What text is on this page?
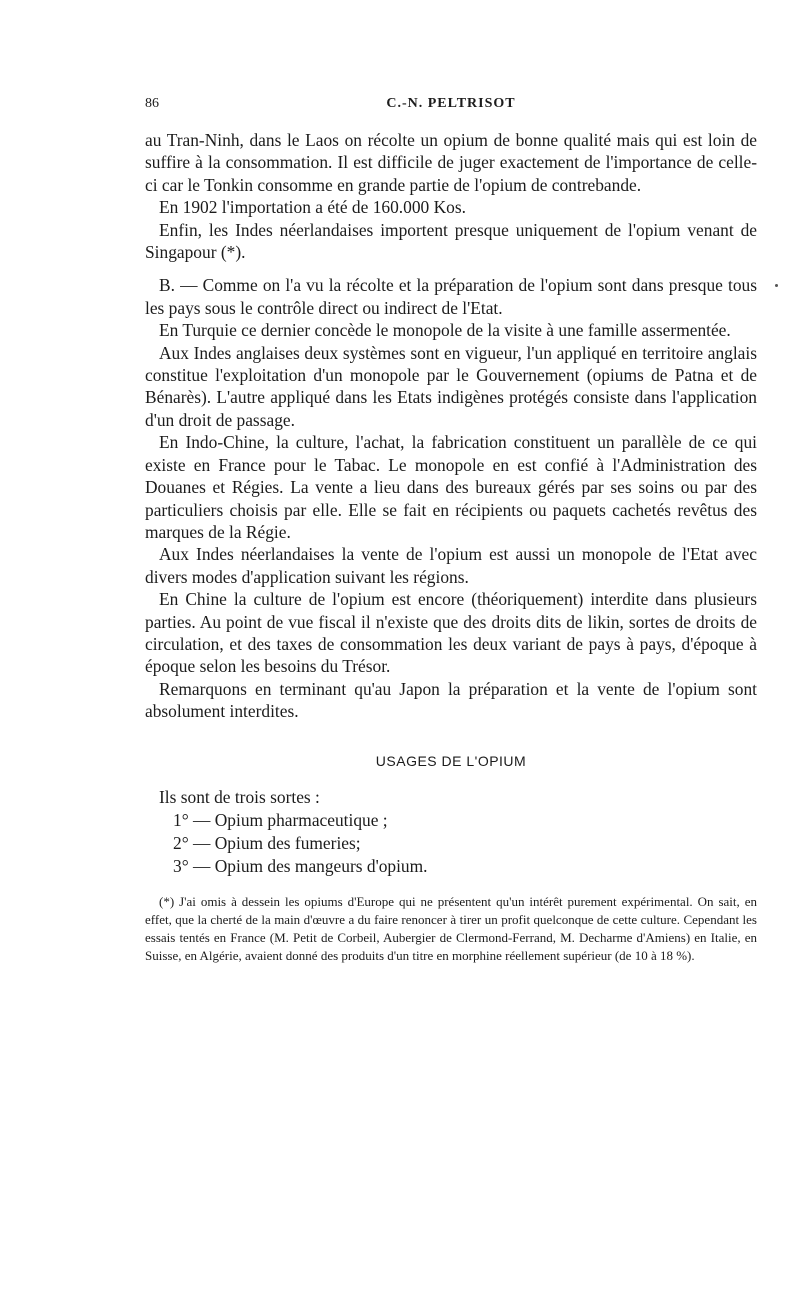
86	C.-N. PELTRISOT

au Tran-Ninh, dans le Laos on récolte un opium de bonne qualité mais qui est loin de suffire à la consommation. Il est difficile de juger exactement de l'importance de celle-ci car le Tonkin consomme en grande partie de l'opium de contrebande.

En 1902 l'importation a été de 160.000 Kos.

Enfin, les Indes néerlandaises importent presque uniquement de l'opium venant de Singapour (*).

B. — Comme on l'a vu la récolte et la préparation de l'opium sont dans presque tous les pays sous le contrôle direct ou indirect de l'Etat.

En Turquie ce dernier concède le monopole de la visite à une famille assermentée.

Aux Indes anglaises deux systèmes sont en vigueur, l'un appliqué en territoire anglais constitue l'exploitation d'un monopole par le Gouvernement (opiums de Patna et de Bénarès). L'autre appliqué dans les Etats indigènes protégés consiste dans l'application d'un droit de passage.

En Indo-Chine, la culture, l'achat, la fabrication constituent un parallèle de ce qui existe en France pour le Tabac. Le monopole en est confié à l'Administration des Douanes et Régies. La vente a lieu dans des bureaux gérés par ses soins ou par des particuliers choisis par elle. Elle se fait en récipients ou paquets cachetés revêtus des marques de la Régie.

Aux Indes néerlandaises la vente de l'opium est aussi un monopole de l'Etat avec divers modes d'application suivant les régions.

En Chine la culture de l'opium est encore (théoriquement) interdite dans plusieurs parties. Au point de vue fiscal il n'existe que des droits dits de likin, sortes de droits de circulation, et des taxes de consommation les deux variant de pays à pays, d'époque à époque selon les besoins du Trésor.

Remarquons en terminant qu'au Japon la préparation et la vente de l'opium sont absolument interdites.

USAGES DE L'OPIUM
Ils sont de trois sortes :
1° — Opium pharmaceutique ;
2° — Opium des fumeries;
3° — Opium des mangeurs d'opium.

(*) J'ai omis à dessein les opiums d'Europe qui ne présentent qu'un intérêt purement expérimental. On sait, en effet, que la cherté de la main d'œuvre a du faire renoncer à tirer un profit quelconque de cette culture. Cependant les essais tentés en France (M. Petit de Corbeil, Aubergier de Clermond-Ferrand, M. Decharme d'Amiens) en Italie, en Suisse, en Algérie, avaient donné des produits d'un titre en morphine réellement supérieur (de 10 à 18 %).
